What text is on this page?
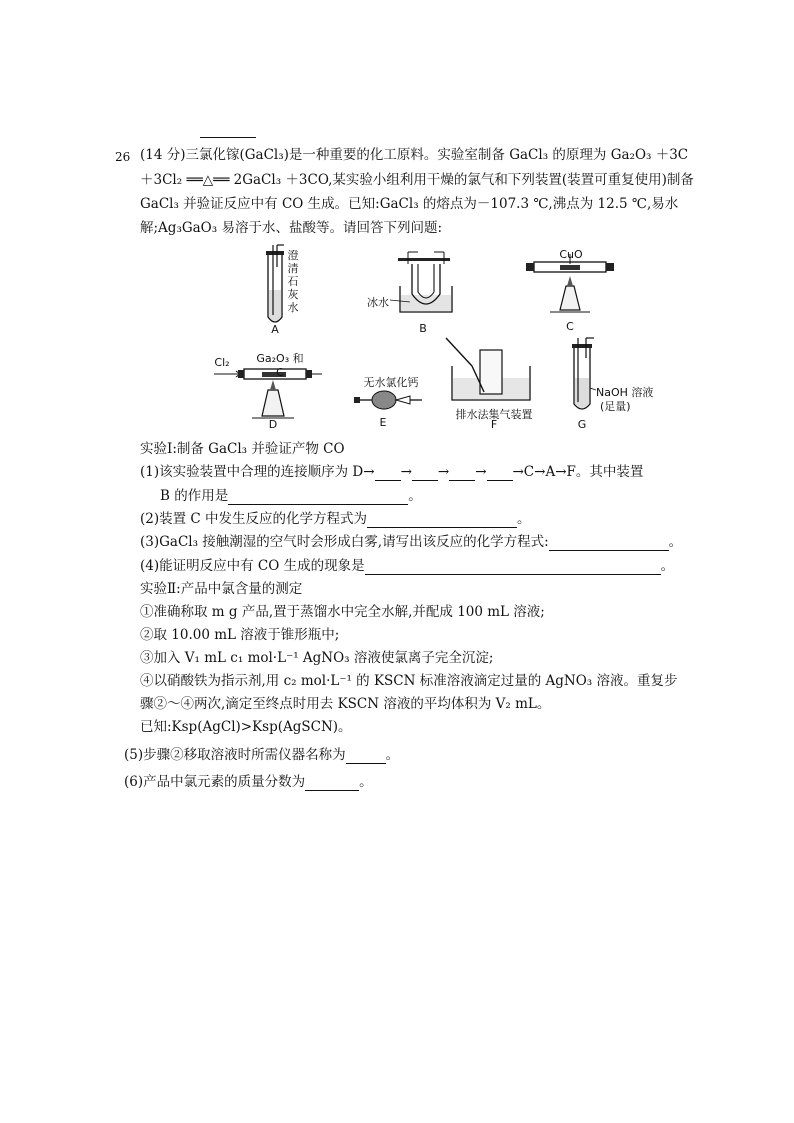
26 (14 分)三氯化镓(GaCl₃)是一种重要的化工原料。实验室制备 GaCl₃ 的原理为 Ga₂O₃ ＋3C
＋3Cl₂ ══△══ 2GaCl₃ ＋3CO,某实验小组利用干燥的氯气和下列装置(装置可重复使用)制备
GaCl₃ 并验证反应中有 CO 生成。已知:GaCl₃ 的熔点为－107.3 ℃,沸点为 12.5 ℃,易水
解;Ag₃GaO₃ 易溶于水、盐酸等。请回答下列问题:
澄清石灰水
A
冰水
B
CuO
C
Cl₂	Ga₂O₃ 和 C
D
无水氯化钙
E
排水法集气装置
F
NaOH 溶液
(足量)
G
实验Ⅰ:制备 GaCl₃ 并验证产物 CO
(1)该实验装置中合理的连接顺序为 D→ → → → →C→A→F。其中装置
B 的作用是	。
(2)装置 C 中发生反应的化学方程式为	。
(3)GaCl₃ 接触潮湿的空气时会形成白雾,请写出该反应的化学方程式:	。
(4)能证明反应中有 CO 生成的现象是	。
实验Ⅱ:产品中氯含量的测定
①准确称取 m g 产品,置于蒸馏水中完全水解,并配成 100 mL 溶液;
②取 10.00 mL 溶液于锥形瓶中;
③加入 V₁ mL c₁ mol·L⁻¹ AgNO₃ 溶液使氯离子完全沉淀;
④以硝酸铁为指示剂,用 c₂ mol·L⁻¹ 的 KSCN 标准溶液滴定过量的 AgNO₃ 溶液。重复步
骤②～④两次,滴定至终点时用去 KSCN 溶液的平均体积为 V₂ mL。
已知:Ksp(AgCl)>Ksp(AgSCN)。
(5)步骤②移取溶液时所需仪器名称为	。
(6)产品中氯元素的质量分数为	。
